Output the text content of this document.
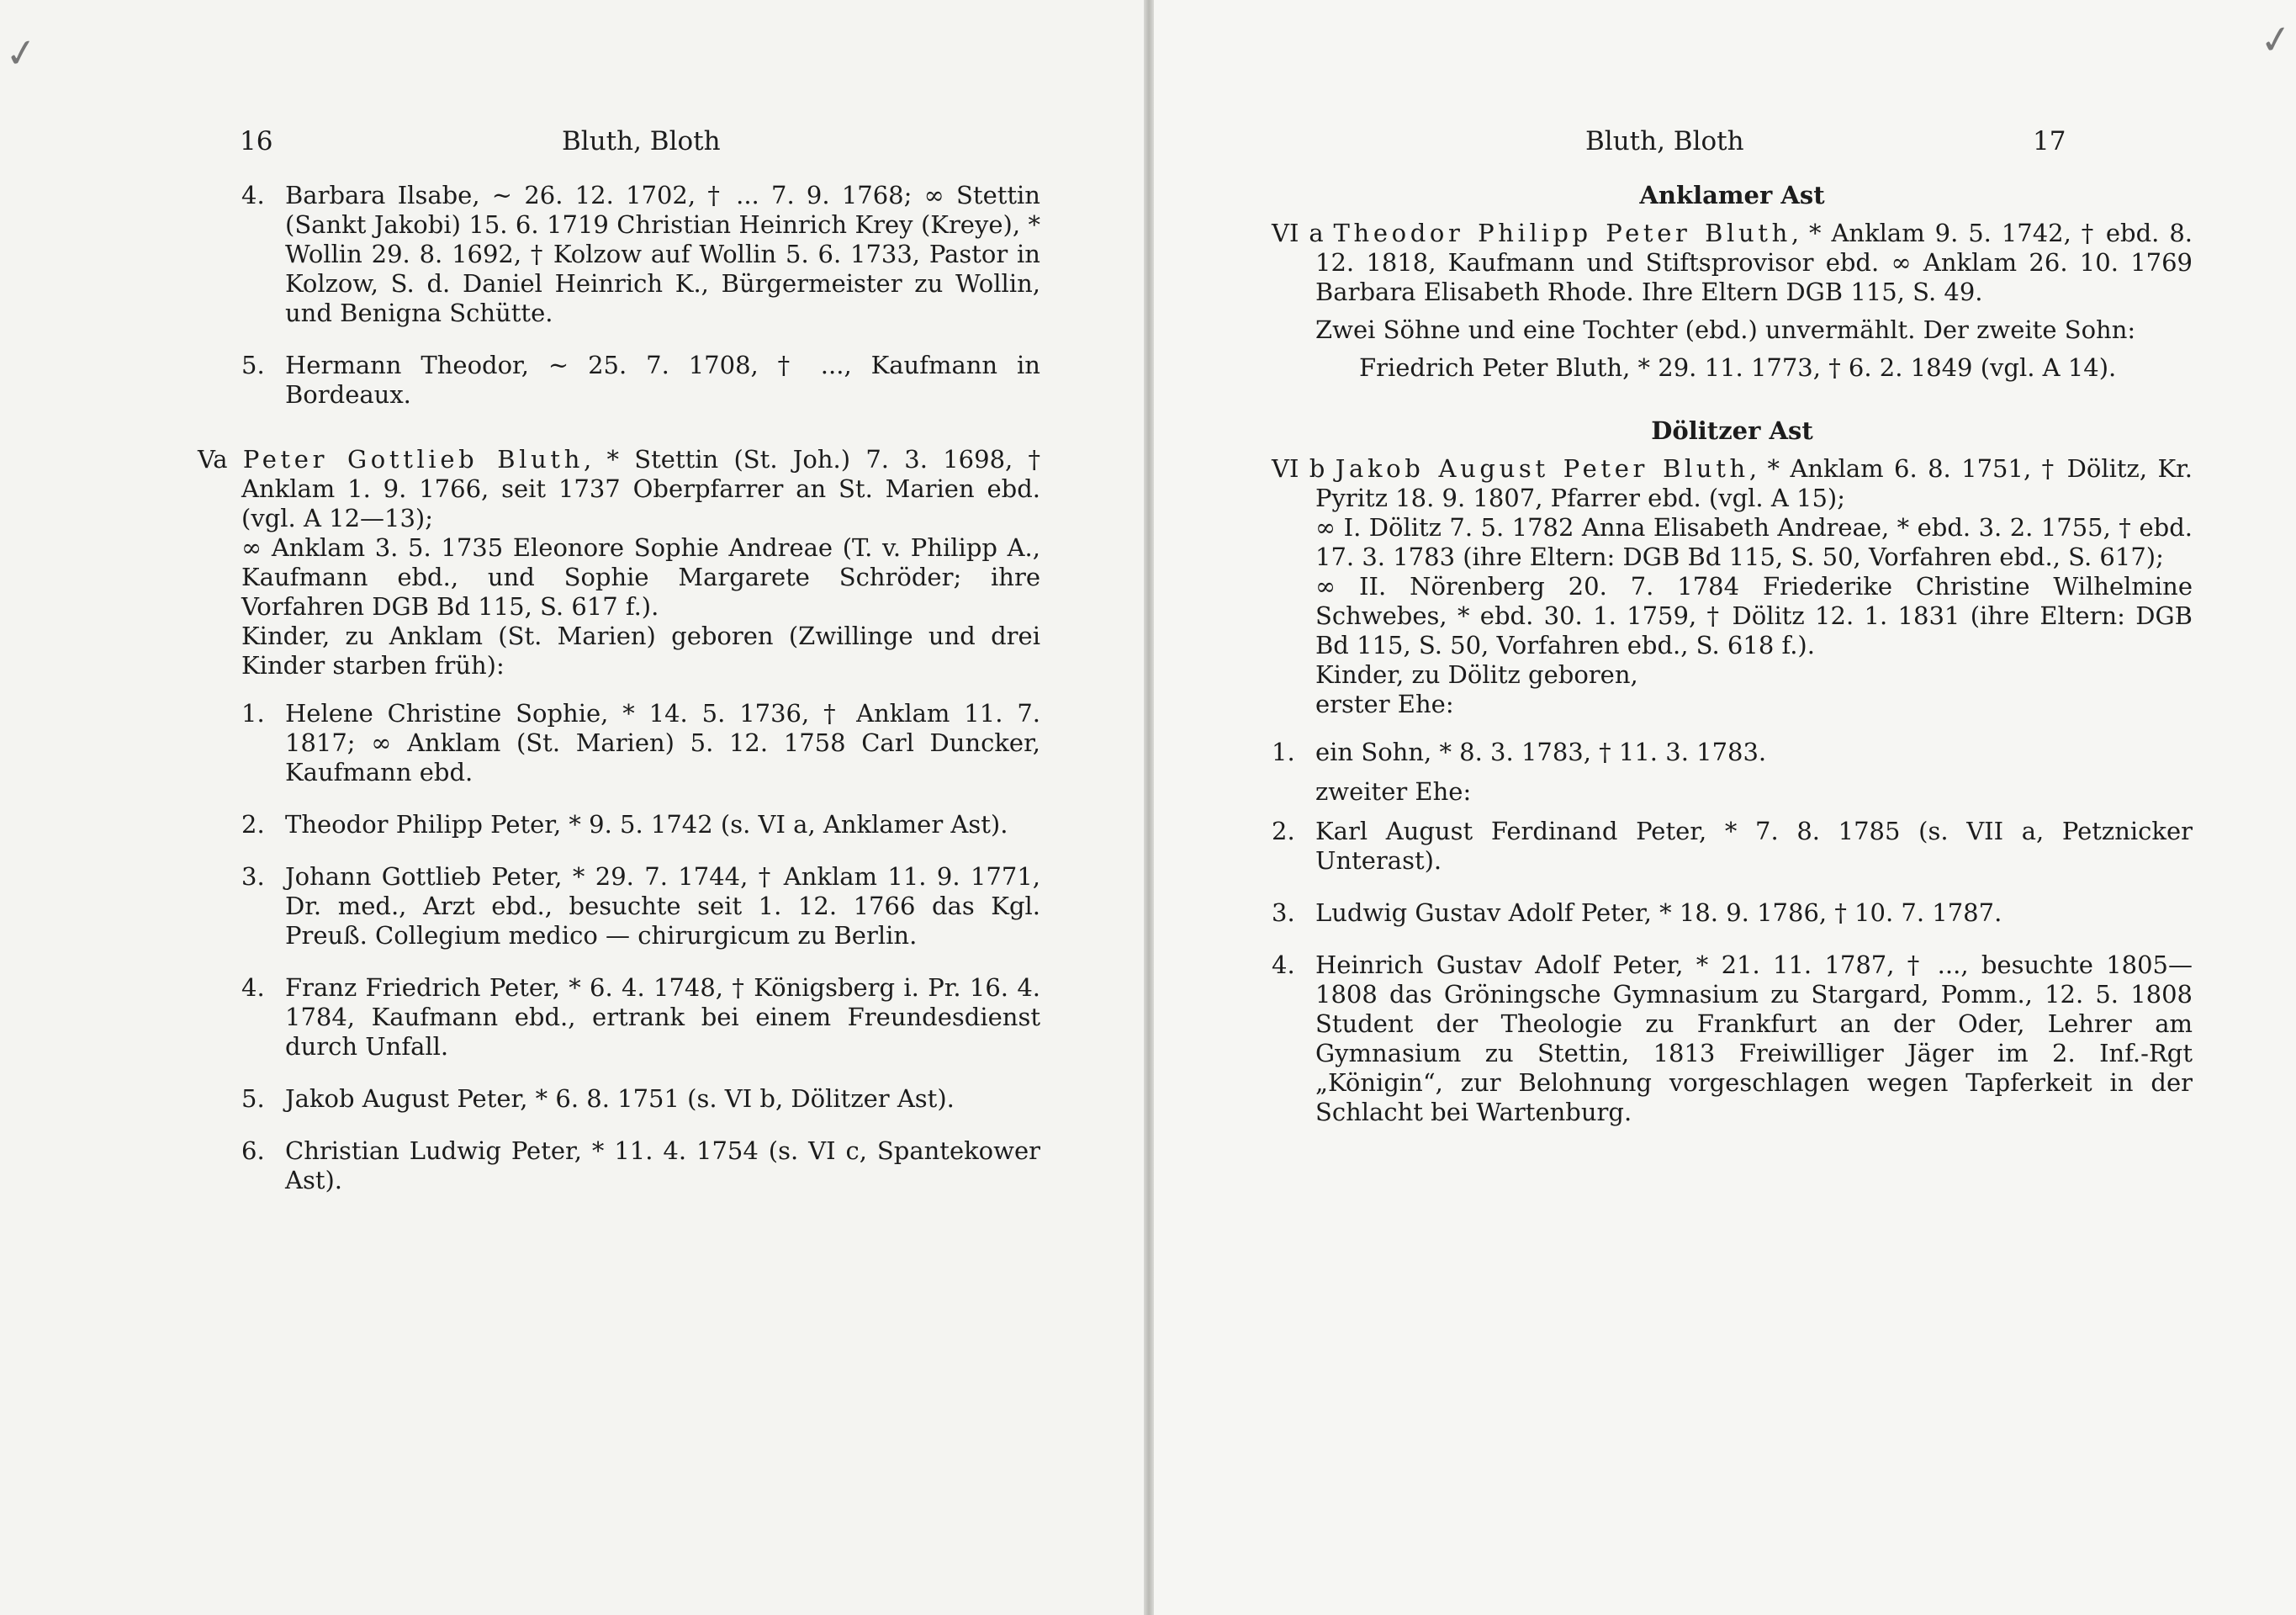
✓
16	Bluth, Bloth
4. Barbara Ilsabe, ~ 26. 12. 1702, † ... 7. 9. 1768; ∞ Stettin (Sankt Jakobi) 15. 6. 1719 Christian Heinrich Krey (Kreye), * Wollin 29. 8. 1692, † Kolzow auf Wollin 5. 6. 1733, Pastor in Kolzow, S. d. Daniel Heinrich K., Bürgermeister zu Wollin, und Benigna Schütte.
5. Hermann Theodor, ~ 25. 7. 1708, † ..., Kaufmann in Bordeaux.
Va Peter Gottlieb Bluth, * Stettin (St. Joh.) 7. 3. 1698, † Anklam 1. 9. 1766, seit 1737 Oberpfarrer an St. Marien ebd. (vgl. A 12—13);
∞ Anklam 3. 5. 1735 Eleonore Sophie Andreae (T. v. Philipp A., Kaufmann ebd., und Sophie Margarete Schröder; ihre Vorfahren DGB Bd 115, S. 617 f.).
Kinder, zu Anklam (St. Marien) geboren (Zwillinge und drei Kinder starben früh):
1. Helene Christine Sophie, * 14. 5. 1736, † Anklam 11. 7. 1817; ∞ Anklam (St. Marien) 5. 12. 1758 Carl Duncker, Kaufmann ebd.
2. Theodor Philipp Peter, * 9. 5. 1742 (s. VI a, Anklamer Ast).
3. Johann Gottlieb Peter, * 29. 7. 1744, † Anklam 11. 9. 1771, Dr. med., Arzt ebd., besuchte seit 1. 12. 1766 das Kgl. Preuß. Collegium medico — chirurgicum zu Berlin.
4. Franz Friedrich Peter, * 6. 4. 1748, † Königsberg i. Pr. 16. 4. 1784, Kaufmann ebd., ertrank bei einem Freundesdienst durch Unfall.
5. Jakob August Peter, * 6. 8. 1751 (s. VI b, Dölitzer Ast).
6. Christian Ludwig Peter, * 11. 4. 1754 (s. VI c, Spantekower Ast).
✓
Bluth, Bloth	17
Anklamer Ast
VI a Theodor Philipp Peter Bluth, * Anklam 9. 5. 1742, † ebd. 8. 12. 1818, Kaufmann und Stiftsprovisor ebd. ∞ Anklam 26. 10. 1769 Barbara Elisabeth Rhode. Ihre Eltern DGB 115, S. 49.
Zwei Söhne und eine Tochter (ebd.) unvermählt. Der zweite Sohn:
Friedrich Peter Bluth, * 29. 11. 1773, † 6. 2. 1849 (vgl. A 14).
Dölitzer Ast
VI b Jakob August Peter Bluth, * Anklam 6. 8. 1751, † Dölitz, Kr. Pyritz 18. 9. 1807, Pfarrer ebd. (vgl. A 15);
∞ I. Dölitz 7. 5. 1782 Anna Elisabeth Andreae, * ebd. 3. 2. 1755, † ebd. 17. 3. 1783 (ihre Eltern: DGB Bd 115, S. 50, Vorfahren ebd., S. 617);
∞ II. Nörenberg 20. 7. 1784 Friederike Christine Wilhelmine Schwebes, * ebd. 30. 1. 1759, † Dölitz 12. 1. 1831 (ihre Eltern: DGB Bd 115, S. 50, Vorfahren ebd., S. 618 f.).
Kinder, zu Dölitz geboren,
erster Ehe:
1. ein Sohn, * 8. 3. 1783, † 11. 3. 1783.
zweiter Ehe:
2. Karl August Ferdinand Peter, * 7. 8. 1785 (s. VII a, Petznicker Unterast).
3. Ludwig Gustav Adolf Peter, * 18. 9. 1786, † 10. 7. 1787.
4. Heinrich Gustav Adolf Peter, * 21. 11. 1787, † ..., besuchte 1805—1808 das Gröningsche Gymnasium zu Stargard, Pomm., 12. 5. 1808 Student der Theologie zu Frankfurt an der Oder, Lehrer am Gymnasium zu Stettin, 1813 Freiwilliger Jäger im 2. Inf.-Rgt „Königin“, zur Belohnung vorgeschlagen wegen Tapferkeit in der Schlacht bei Wartenburg.
